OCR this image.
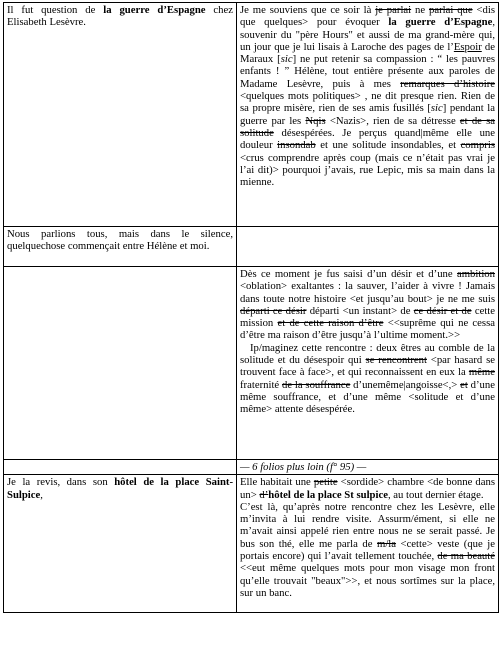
Il fut question de la guerre d’Espagne chez Elisabeth Lesèvre.	Je me souviens que ce soir là je parlai ne parlai que <dis que quelques> pour évoquer la guerre d’Espagne, souvenir du "père Hours" et aussi de ma grand-mère qui, un jour que je lui lisais à Laroche des pages de l’Espoir de Maraux [sic] ne put retenir sa compassion : “ les pauvres enfants ! ” Hélène, tout entière présente aux paroles de Madame Lesèvre, puis à mes remarques d’histoire <quelques mots politiques> , ne dit presque rien. Rien de sa propre misère, rien de ses amis fusillés [sic] pendant la guerre par les Nqis <Nazis>, rien de sa détresse et de sa solitude désespérées. Je perçus quand|même elle une douleur insondab et une solitude insondables, et compris <crus comprendre après coup (mais ce n’était pas vrai je l’ai dit)> pourquoi j’avais, rue Lepic, mis sa main dans la mienne.
Nous parlions tous, mais dans le silence, quelquechose commençait entre Hélène et moi.	

	Dès ce moment je fus saisi d’un désir et d’une ambition <oblation> exaltantes : la sauver, l’aider à vivre ! Jamais dans toute notre histoire <et jusqu’au bout> je ne me suis départi ce désir départi <un instant> de ce désir et de cette mission et de cette raison d’être <<suprême qui ne cessa d’être ma raison d’être jusqu’à l’ultime moment.>>

Ip/maginez cette rencontre : deux êtres au comble de la solitude et du désespoir qui se rencontrent <par hasard se trouvent face à face>, et qui reconnaissent en eux la même fraternité de la souffrance d’unemême|angoisse<,> et d’une même souffrance, et d’une même <solitude et d’une même> attente désespérée.

	— 6 folios plus loin (f° 95) —
Je la revis, dans son hôtel de la place Saint-Sulpice,	Elle habitait une petite <sordide> chambre <de bonne dans un> d’hôtel de la place St sulpice, au tout dernier étage.
C’est là, qu’après notre rencontre chez les Lesèvre, elle m’invita à lui rendre visite. Assurm/ément, si elle ne m’avait ainsi appelé rien entre nous ne se serait passé. Je bus son thé, elle me parla de m/la <cette> veste (que je portais encore) qui l’avait tellement touchée, de ma beauté <<eut même quelques mots pour mon visage mon front qu’elle trouvait "beaux">>, et nous sortîmes sur la place, sur un banc.
